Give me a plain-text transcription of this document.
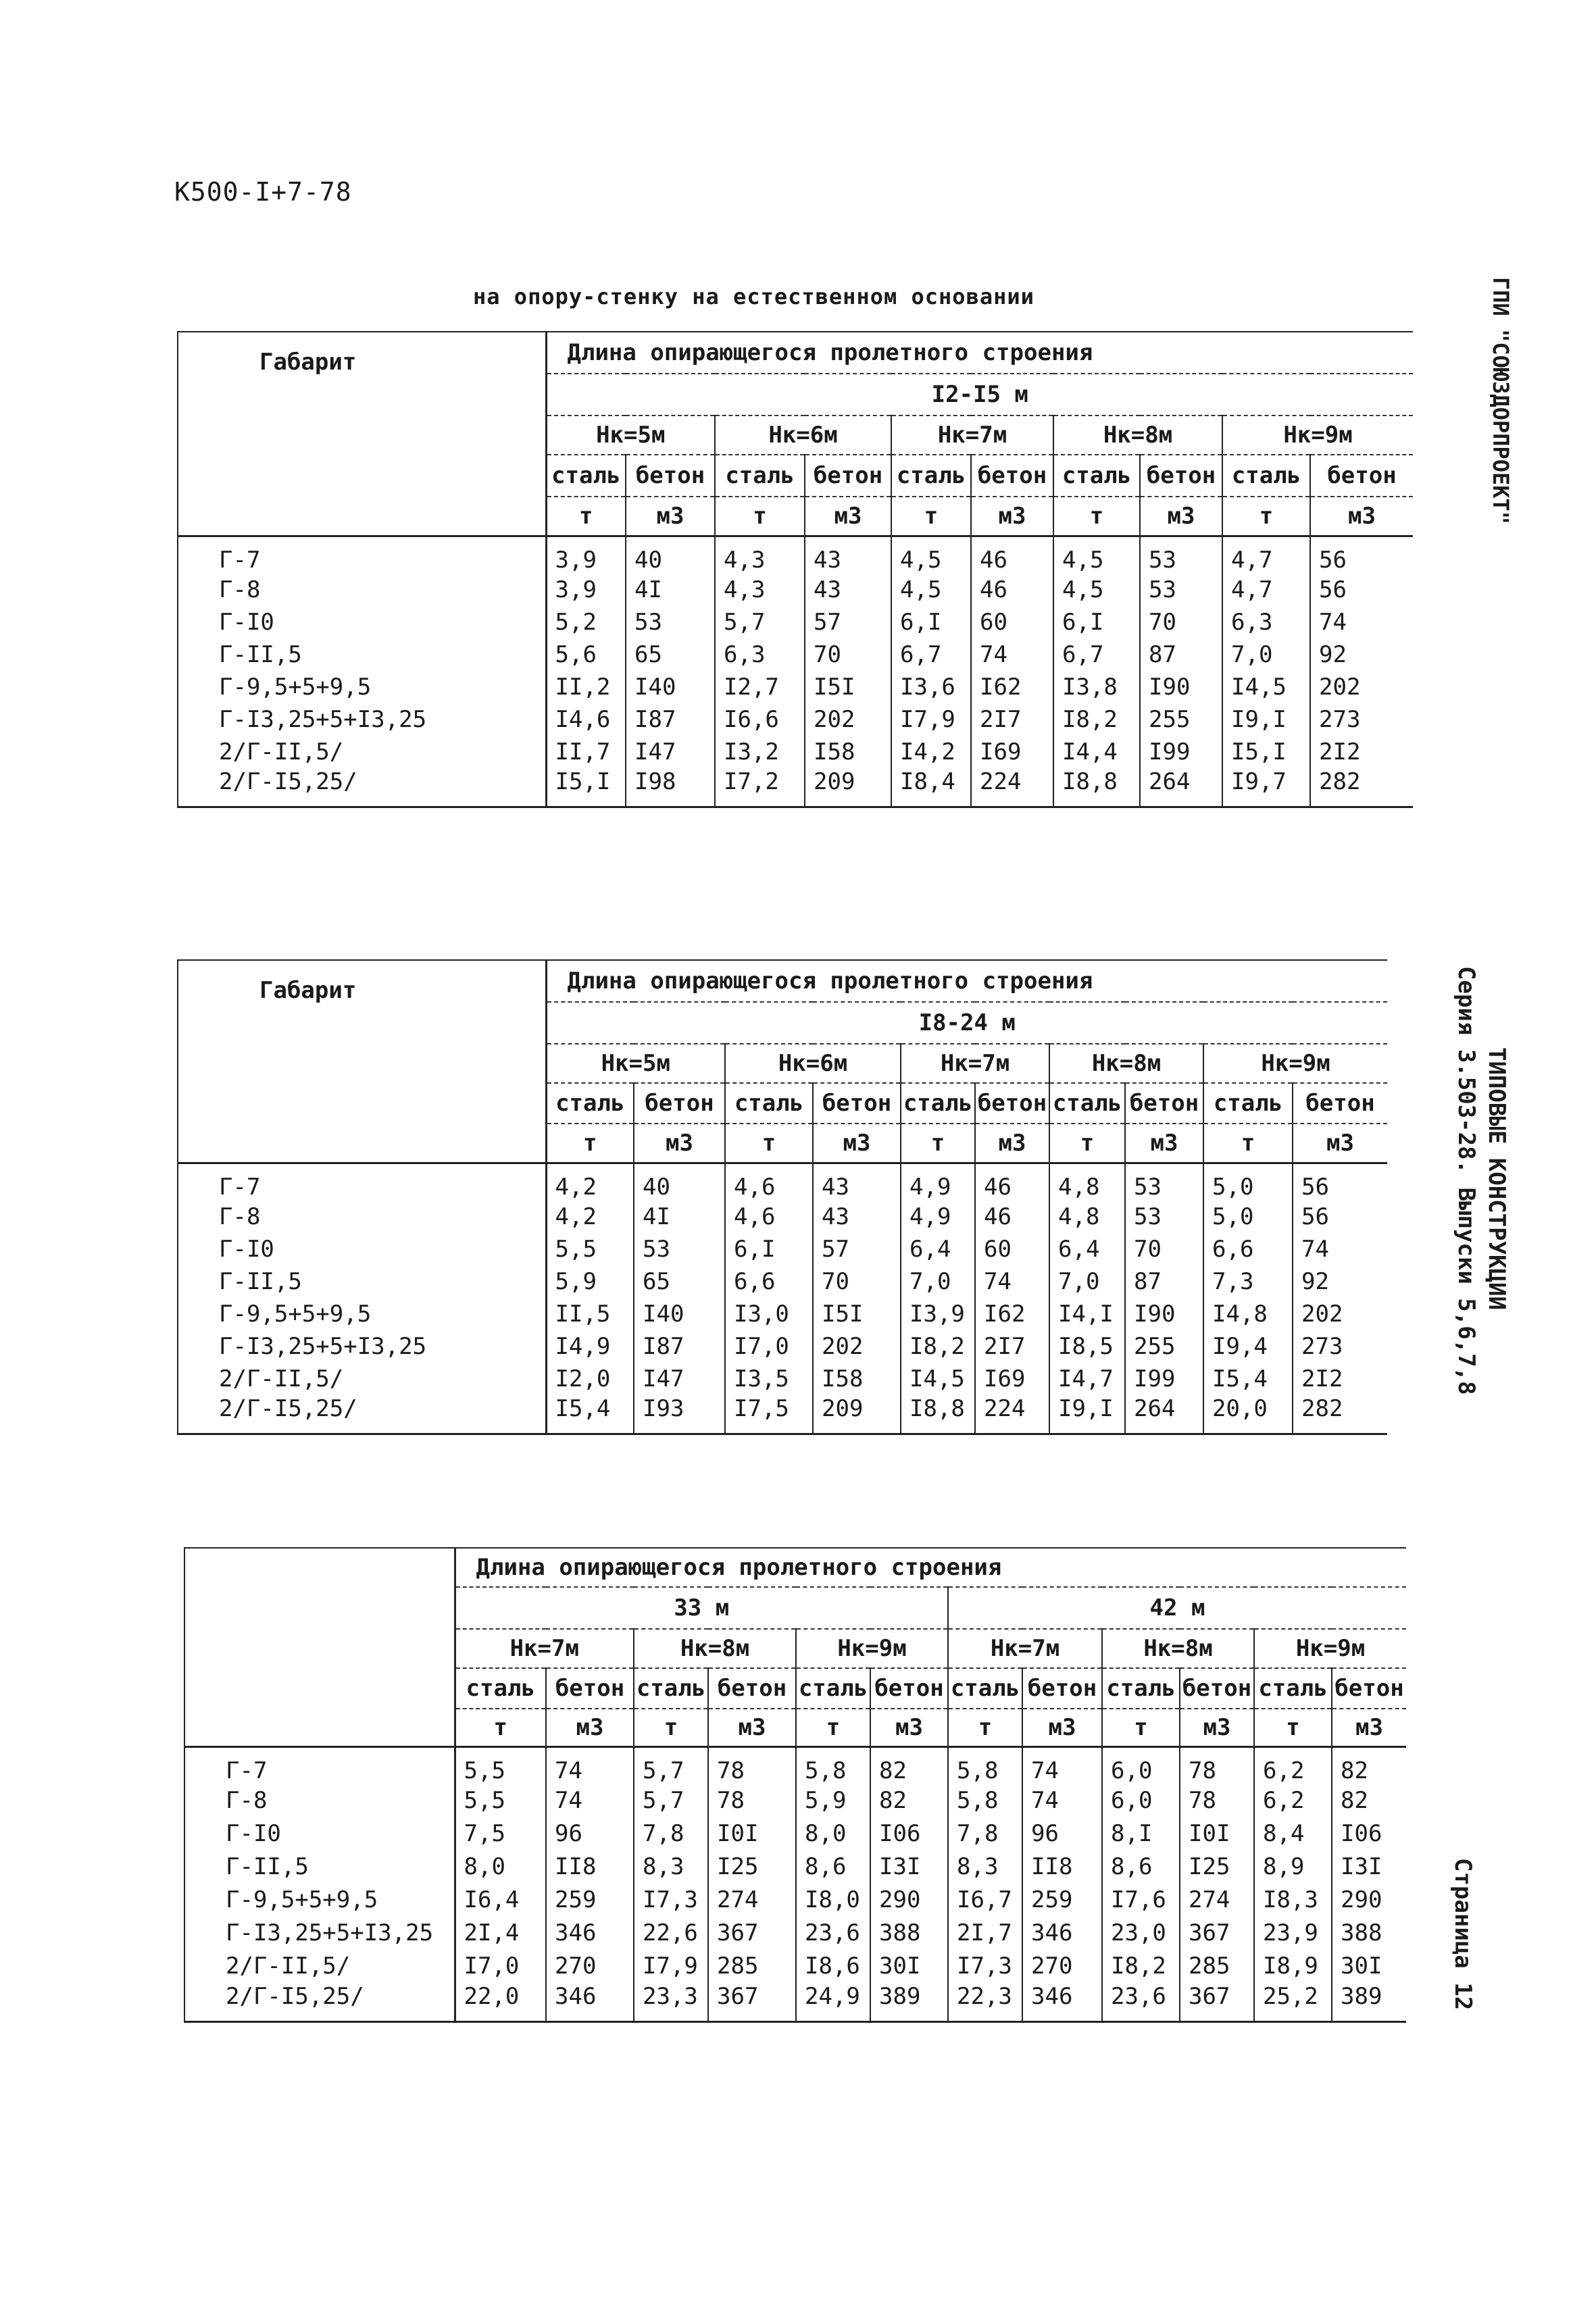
К500-I+7-78
на опору-стенку на естественном основании	ГПИ "СОЮЗДОРПРОЕКТ"
ТИПОВЫЕ КОНСТРУКЦИИ
Серия 3.503-28. Выпуски 5,6,7,8
Страница 12
Габарит	Длина опирающегося пролетного строения									
	I2-I5 м									
	Нк=5м		Нк=6м		Нк=7м		Нк=8м		Нк=9м	
	сталь	бетон	сталь	бетон	сталь	бетон	сталь	бетон	сталь	бетон
	т	м3	т	м3	т	м3	т	м3	т	м3
Г-7	3,9	40	4,3	43	4,5	46	4,5	53	4,7	56
Г-8	3,9	4I	4,3	43	4,5	46	4,5	53	4,7	56
Г-I0	5,2	53	5,7	57	6,I	60	6,I	70	6,3	74
Г-II,5	5,6	65	6,3	70	6,7	74	6,7	87	7,0	92
Г-9,5+5+9,5	II,2	I40	I2,7	I5I	I3,6	I62	I3,8	I90	I4,5	202
Г-I3,25+5+I3,25	I4,6	I87	I6,6	202	I7,9	2I7	I8,2	255	I9,I	273
2/Г-II,5/	II,7	I47	I3,2	I58	I4,2	I69	I4,4	I99	I5,I	2I2
2/Г-I5,25/	I5,I	I98	I7,2	209	I8,4	224	I8,8	264	I9,7	282
Габарит	Длина опирающегося пролетного строения									
	I8-24 м									
	Нк=5м		Нк=6м		Нк=7м		Нк=8м		Нк=9м	
	сталь	бетон	сталь	бетон	сталь	бетон	сталь	бетон	сталь	бетон
	т	м3	т	м3	т	м3	т	м3	т	м3
Г-7	4,2	40	4,6	43	4,9	46	4,8	53	5,0	56
Г-8	4,2	4I	4,6	43	4,9	46	4,8	53	5,0	56
Г-I0	5,5	53	6,I	57	6,4	60	6,4	70	6,6	74
Г-II,5	5,9	65	6,6	70	7,0	74	7,0	87	7,3	92
Г-9,5+5+9,5	II,5	I40	I3,0	I5I	I3,9	I62	I4,I	I90	I4,8	202
Г-I3,25+5+I3,25	I4,9	I87	I7,0	202	I8,2	2I7	I8,5	255	I9,4	273
2/Г-II,5/	I2,0	I47	I3,5	I58	I4,5	I69	I4,7	I99	I5,4	2I2
2/Г-I5,25/	I5,4	I93	I7,5	209	I8,8	224	I9,I	264	20,0	282
	Длина опирающегося пролетного строения											
	33 м						42 м					
	Нк=7м		Нк=8м		Нк=9м		Нк=7м		Нк=8м		Нк=9м	
	сталь	бетон	сталь	бетон	сталь	бетон	сталь	бетон	сталь	бетон	сталь	бетон
	т	м3	т	м3	т	м3	т	м3	т	м3	т	м3
Г-7	5,5	74	5,7	78	5,8	82	5,8	74	6,0	78	6,2	82
Г-8	5,5	74	5,7	78	5,9	82	5,8	74	6,0	78	6,2	82
Г-I0	7,5	96	7,8	I0I	8,0	I06	7,8	96	8,I	I0I	8,4	I06
Г-II,5	8,0	II8	8,3	I25	8,6	I3I	8,3	II8	8,6	I25	8,9	I3I
Г-9,5+5+9,5	I6,4	259	I7,3	274	I8,0	290	I6,7	259	I7,6	274	I8,3	290
Г-I3,25+5+I3,25	2I,4	346	22,6	367	23,6	388	2I,7	346	23,0	367	23,9	388
2/Г-II,5/	I7,0	270	I7,9	285	I8,6	30I	I7,3	270	I8,2	285	I8,9	30I
2/Г-I5,25/	22,0	346	23,3	367	24,9	389	22,3	346	23,6	367	25,2	389
